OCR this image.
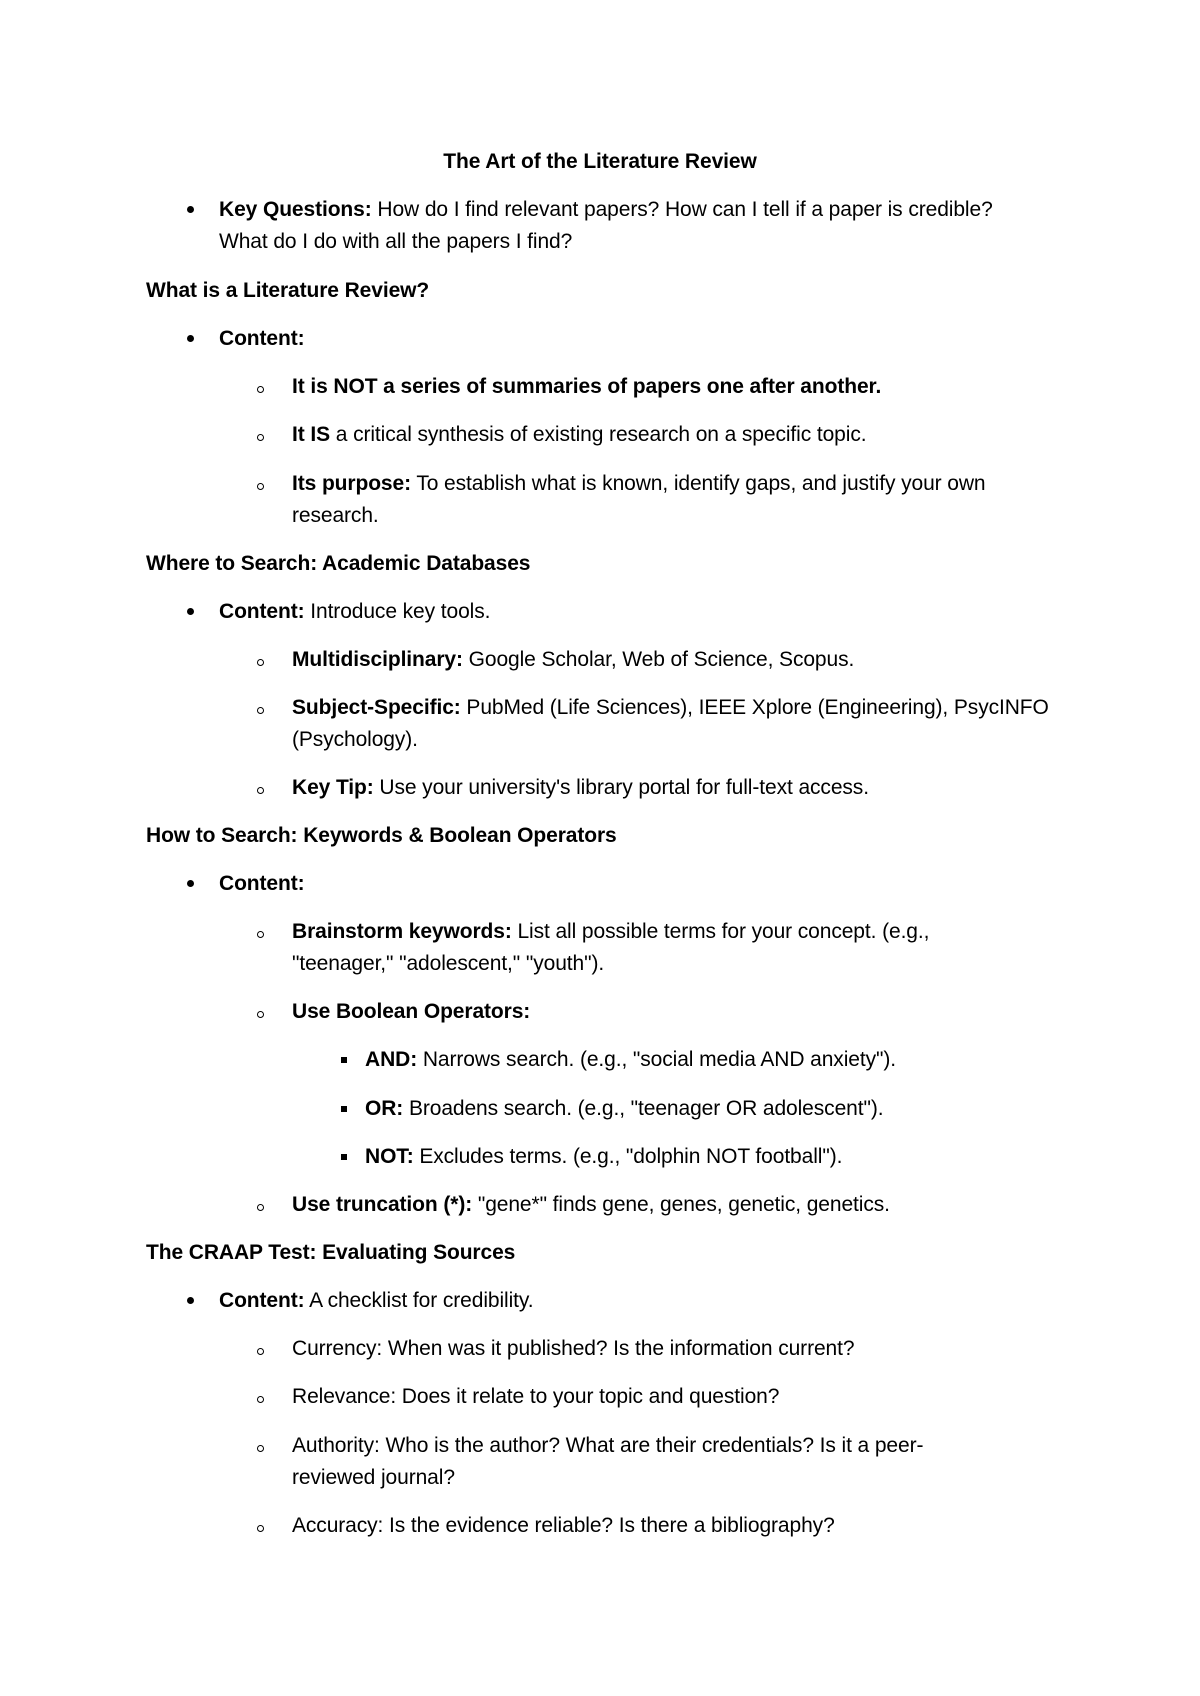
The Art of the Literature Review
Key Questions: How do I find relevant papers? How can I tell if a paper is credible?
What do I do with all the papers I find?
What is a Literature Review?
Content:
It is NOT a series of summaries of papers one after another.
It IS a critical synthesis of existing research on a specific topic.
Its purpose: To establish what is known, identify gaps, and justify your own
research.
Where to Search: Academic Databases
Content: Introduce key tools.
Multidisciplinary: Google Scholar, Web of Science, Scopus.
Subject-Specific: PubMed (Life Sciences), IEEE Xplore (Engineering), PsycINFO
(Psychology).
Key Tip: Use your university's library portal for full-text access.
How to Search: Keywords & Boolean Operators
Content:
Brainstorm keywords: List all possible terms for your concept. (e.g.,
"teenager," "adolescent," "youth").
Use Boolean Operators:
AND: Narrows search. (e.g., "social media AND anxiety").
OR: Broadens search. (e.g., "teenager OR adolescent").
NOT: Excludes terms. (e.g., "dolphin NOT football").
Use truncation (*): "gene*" finds gene, genes, genetic, genetics.
The CRAAP Test: Evaluating Sources
Content: A checklist for credibility.
Currency: When was it published? Is the information current?
Relevance: Does it relate to your topic and question?
Authority: Who is the author? What are their credentials? Is it a peer-
reviewed journal?
Accuracy: Is the evidence reliable? Is there a bibliography?
